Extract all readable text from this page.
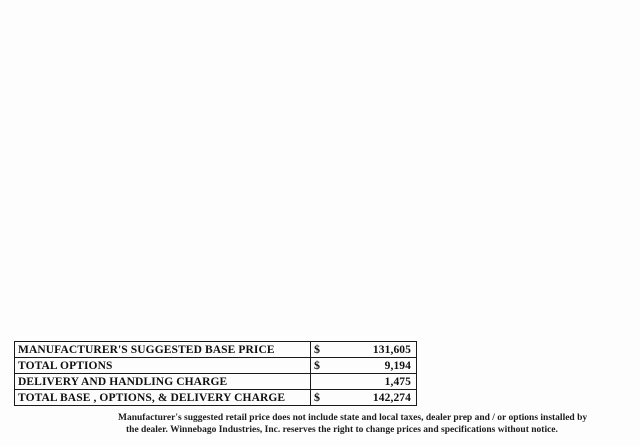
MANUFACTURER'S SUGGESTED BASE PRICE	$ 131,605

TOTAL OPTIONS	$ 9,194

DELIVERY AND HANDLING CHARGE	1,475

TOTAL BASE , OPTIONS, & DELIVERY CHARGE	$ 142,274
Manufacturer's suggested retail price does not include state and local taxes, dealer prep and / or options installed by
the dealer. Winnebago Industries, Inc. reserves the right to change prices and specifications without notice.
